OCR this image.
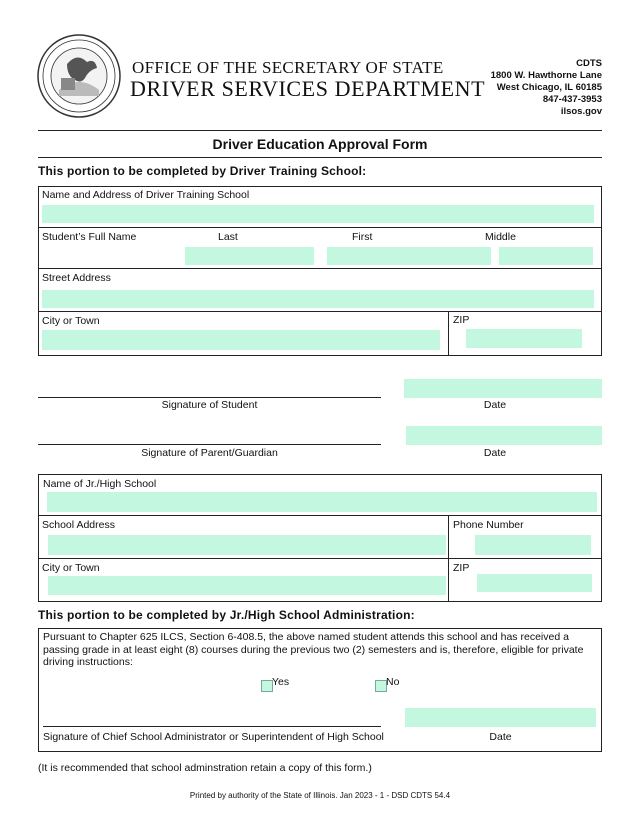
OFFICE OF THE SECRETARY OF STATE
DRIVER SERVICES DEPARTMENT
CDTS
1800 W. Hawthorne Lane
West Chicago, IL 60185
847-437-3953
ilsos.gov
Driver Education Approval Form
This portion to be completed by Driver Training School:
Name and Address of Driver Training School
Student’s Full Name	Last	First	Middle
Street Address
City or Town	ZIP
Signature of Student	Date
Signature of Parent/Guardian	Date
Name of Jr./High School
School Address	Phone Number
City or Town	ZIP
This portion to be completed by Jr./High School Administration:
Pursuant to Chapter 625 ILCS, Section 6-408.5, the above named student attends this school and has received a passing grade in at least eight (8) courses during the previous two (2) semesters and is, therefore, eligible for private driving instructions:
Yes	No
Signature of Chief School Administrator or Superintendent of High School	Date
(It is recommended that school adminstration retain a copy of this form.)
Printed by authority of the State of Illinois. Jan 2023 - 1 - DSD CDTS 54.4
